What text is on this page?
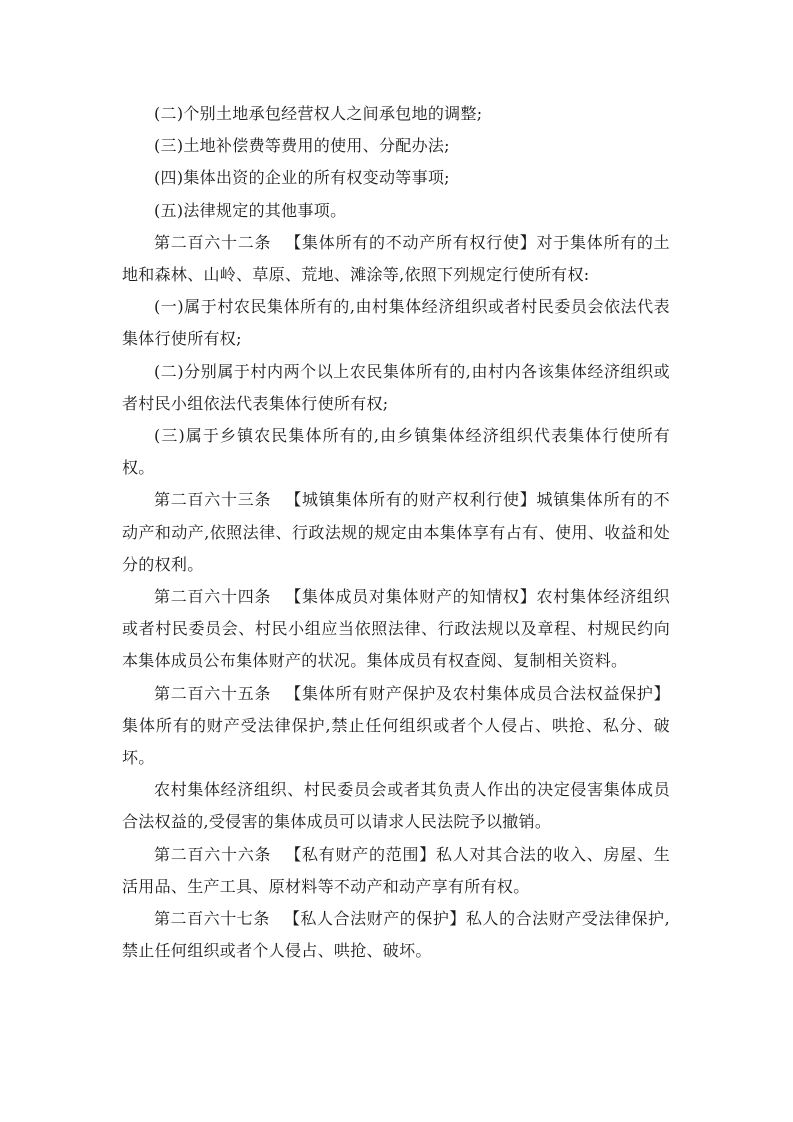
(二)个别土地承包经营权人之间承包地的调整;

(三)土地补偿费等费用的使用、分配办法;

(四)集体出资的企业的所有权变动等事项;

(五)法律规定的其他事项。

第二百六十二条 【集体所有的不动产所有权行使】对于集体所有的土地和森林、山岭、草原、荒地、滩涂等,依照下列规定行使所有权:

(一)属于村农民集体所有的,由村集体经济组织或者村民委员会依法代表集体行使所有权;

(二)分别属于村内两个以上农民集体所有的,由村内各该集体经济组织或者村民小组依法代表集体行使所有权;

(三)属于乡镇农民集体所有的,由乡镇集体经济组织代表集体行使所有权。

第二百六十三条 【城镇集体所有的财产权利行使】城镇集体所有的不动产和动产,依照法律、行政法规的规定由本集体享有占有、使用、收益和处分的权利。

第二百六十四条 【集体成员对集体财产的知情权】农村集体经济组织或者村民委员会、村民小组应当依照法律、行政法规以及章程、村规民约向本集体成员公布集体财产的状况。集体成员有权查阅、复制相关资料。

第二百六十五条 【集体所有财产保护及农村集体成员合法权益保护】集体所有的财产受法律保护,禁止任何组织或者个人侵占、哄抢、私分、破坏。

农村集体经济组织、村民委员会或者其负责人作出的决定侵害集体成员合法权益的,受侵害的集体成员可以请求人民法院予以撤销。

第二百六十六条 【私有财产的范围】私人对其合法的收入、房屋、生活用品、生产工具、原材料等不动产和动产享有所有权。

第二百六十七条 【私人合法财产的保护】私人的合法财产受法律保护,禁止任何组织或者个人侵占、哄抢、破坏。
